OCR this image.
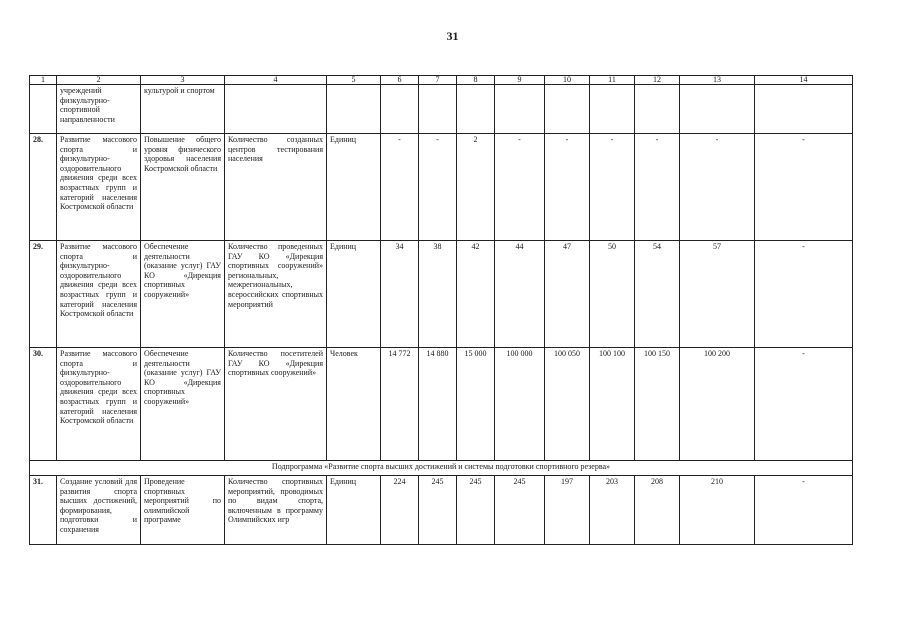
31
1	2	3	4	5	6	7	8	9	10	11	12	13	14
	учреждений физкультурно-спортивной направленности	культурой и спортом											
28.	Развитие массового спорта и физкультурно-оздоровительного движения среди всех возрастных групп и категорий населения Костромской области	Повышение общего уровня физического здоровья населения Костромской области	Количество созданных центров тестирования населения	Единиц	-	-	2	-	-	-	-	-	-
29.	Развитие массового спорта и физкультурно-оздоровительного движения среди всех возрастных групп и категорий населения Костромской области	Обеспечение деятельности (оказание услуг) ГАУ КО «Дирекция спортивных сооружений»	Количество проведенных ГАУ КО «Дирекция спортивных сооружений» региональных, межрегиональных, всероссийских спортивных мероприятий	Единиц	34	38	42	44	47	50	54	57	-
30.	Развитие массового спорта и физкультурно-оздоровительного движения среди всех возрастных групп и категорий населения Костромской области	Обеспечение деятельности (оказание услуг) ГАУ КО «Дирекция спортивных сооружений»	Количество посетителей ГАУ КО «Дирекция спортивных сооружений»	Человек	14 772	14 880	15 000	100 000	100 050	100 100	100 150	100 200	-
Подпрограмма «Развитие спорта высших достижений и системы подготовки спортивного резерва»													
31.	Создание условий для развития спорта высших достижений, формирования, подготовки и сохранения	Проведение спортивных мероприятий по олимпийской программе	Количество спортивных мероприятий, проводимых по видам спорта, включенным в программу Олимпийских игр	Единиц	224	245	245	245	197	203	208	210	-
